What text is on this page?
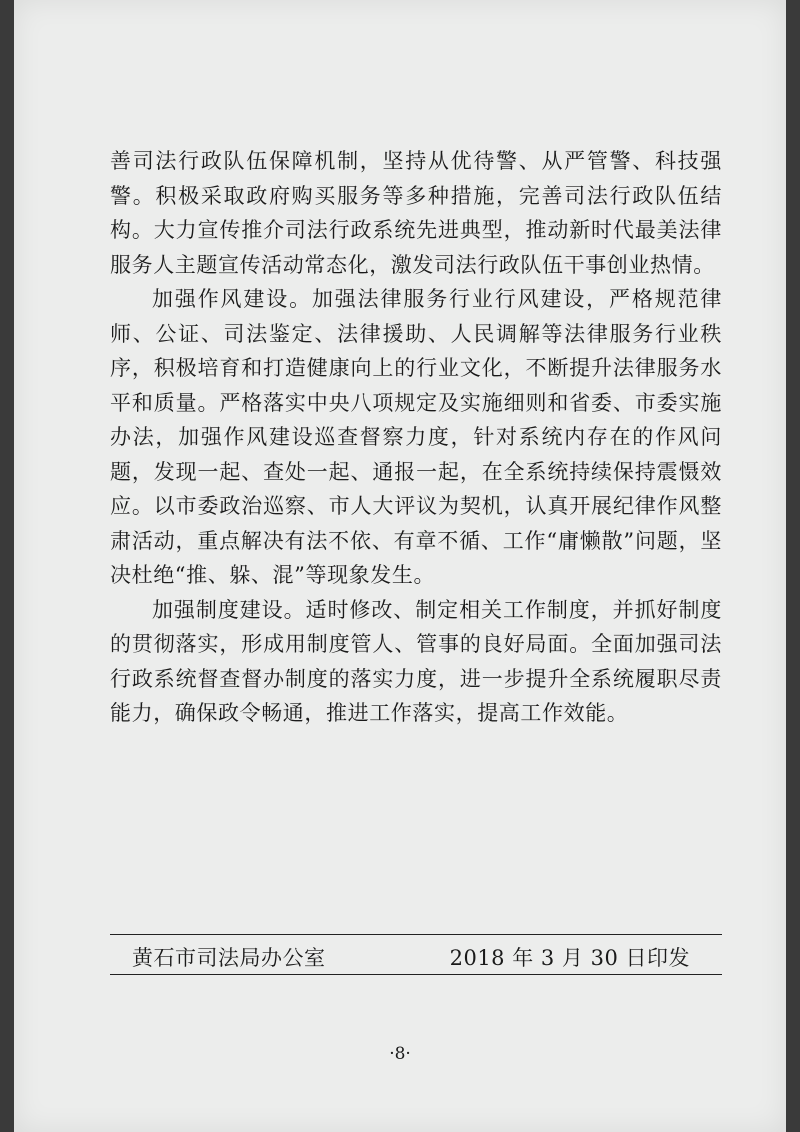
善司法行政队伍保障机制，坚持从优待警、从严管警、科技强警。积极采取政府购买服务等多种措施，完善司法行政队伍结构。大力宣传推介司法行政系统先进典型，推动新时代最美法律服务人主题宣传活动常态化，激发司法行政队伍干事创业热情。

加强作风建设。加强法律服务行业行风建设，严格规范律师、公证、司法鉴定、法律援助、人民调解等法律服务行业秩序，积极培育和打造健康向上的行业文化，不断提升法律服务水平和质量。严格落实中央八项规定及实施细则和省委、市委实施办法，加强作风建设巡查督察力度，针对系统内存在的作风问题，发现一起、查处一起、通报一起，在全系统持续保持震慑效应。以市委政治巡察、市人大评议为契机，认真开展纪律作风整肃活动，重点解决有法不依、有章不循、工作“庸懒散”问题，坚决杜绝“推、躲、混”等现象发生。

加强制度建设。适时修改、制定相关工作制度，并抓好制度的贯彻落实，形成用制度管人、管事的良好局面。全面加强司法行政系统督查督办制度的落实力度，进一步提升全系统履职尽责能力，确保政令畅通，推进工作落实，提高工作效能。

黄石市司法局办公室	2018 年 3 月 30 日印发
·8·
